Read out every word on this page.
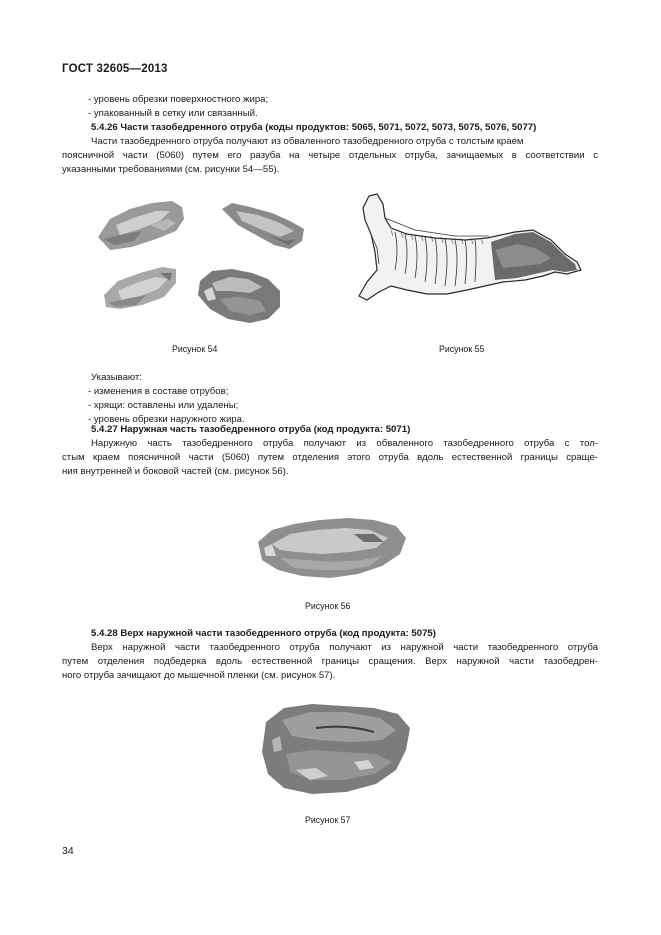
ГОСТ 32605—2013
- уровень обрезки поверхностного жира;
- упакованный в сетку или связанный.
5.4.26 Части тазобедренного отруба (коды продуктов: 5065, 5071, 5072, 5073, 5075, 5076, 5077)
Части тазобедренного отруба получают из обваленного тазобедренного отруба с толстым краем
поясничной части (5060) путем его разуба на четыре отдельных отруба, зачищаемых в соответствии с
указанными требованиями (см. рисунки 54—55).
Рисунок 54	Рисунок 55
Указывают:
- изменения в составе отрубов;
- хрящи: оставлены или удалены;
- уровень обрезки наружного жира.
5.4.27 Наружная часть тазобедренного отруба (код продукта: 5071)
Наружную часть тазобедренного отруба получают из обваленного тазобедренного отруба с тол-
стым краем поясничной части (5060) путем отделения этого отруба вдоль естественной границы сраще-
ния внутренней и боковой частей (см. рисунок 56).
Рисунок 56
5.4.28 Верх наружной части тазобедренного отруба (код продукта: 5075)
Верх наружной части тазобедренного отруба получают из наружной части тазобедренного отруба
путем отделения подбедерка вдоль естественной границы сращения. Верх наружной части тазобедрен-
ного отруба зачищают до мышечной пленки (см. рисунок 57).
Рисунок 57
34
